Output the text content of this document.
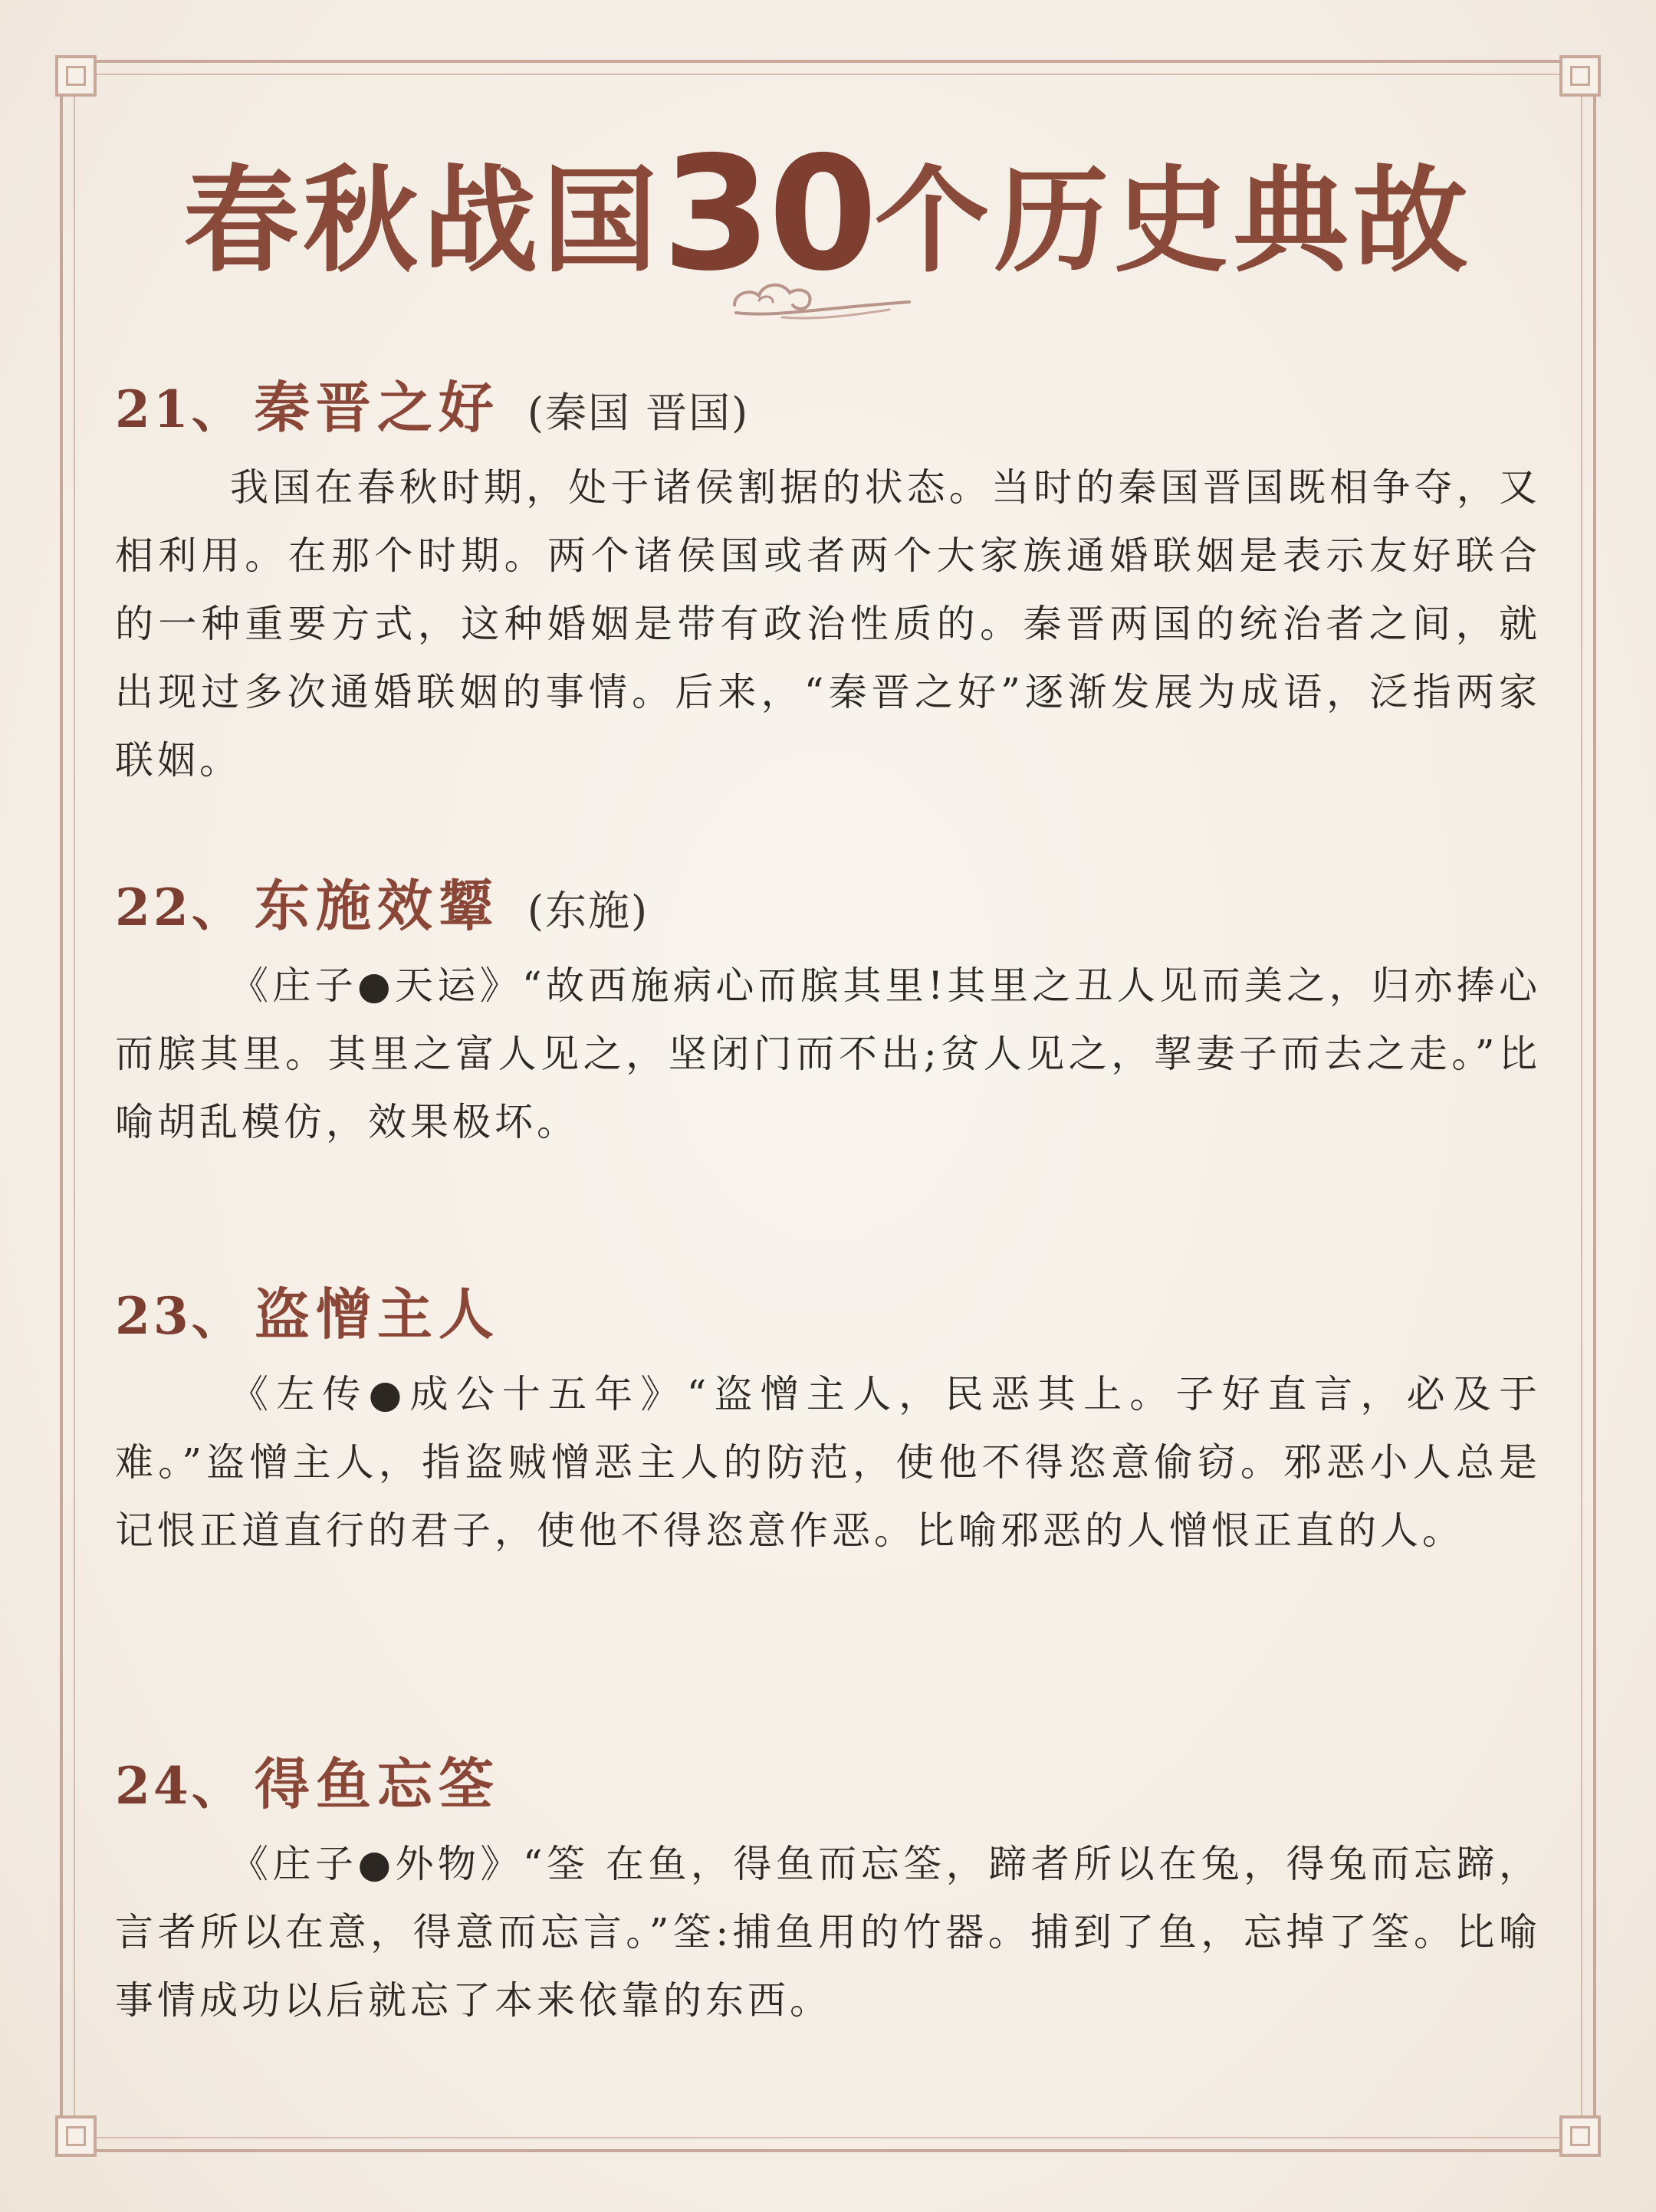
春秋战国30个历史典故
21、 秦晋之好 (秦国 晋国)
我国在春秋时期，处于诸侯割据的状态。当时的秦国晋国既相争夺，又相利用。在那个时期。两个诸侯国或者两个大家族通婚联姻是表示友好联合的一种重要方式，这种婚姻是带有政治性质的。秦晋两国的统治者之间，就出现过多次通婚联姻的事情。后来，“秦晋之好”逐渐发展为成语，泛指两家联姻。
22、 东施效颦 (东施)
《庄子●天运》“故西施病心而膑其里!其里之丑人见而美之，归亦捧心而膑其里。其里之富人见之，坚闭门而不出;贫人见之，挈妻子而去之走。”比喻胡乱模仿，效果极坏。
23、 盗憎主人
《左传●成公十五年》“盗憎主人，民恶其上。子好直言，必及于难。”盗憎主人，指盗贼憎恶主人的防范，使他不得恣意偷窃。邪恶小人总是记恨正道直行的君子，使他不得恣意作恶。比喻邪恶的人憎恨正直的人。
24、 得鱼忘筌
《庄子●外物》“筌 在鱼，得鱼而忘筌，蹄者所以在兔，得兔而忘蹄，言者所以在意，得意而忘言。”筌:捕鱼用的竹器。捕到了鱼，忘掉了筌。比喻事情成功以后就忘了本来依靠的东西。
